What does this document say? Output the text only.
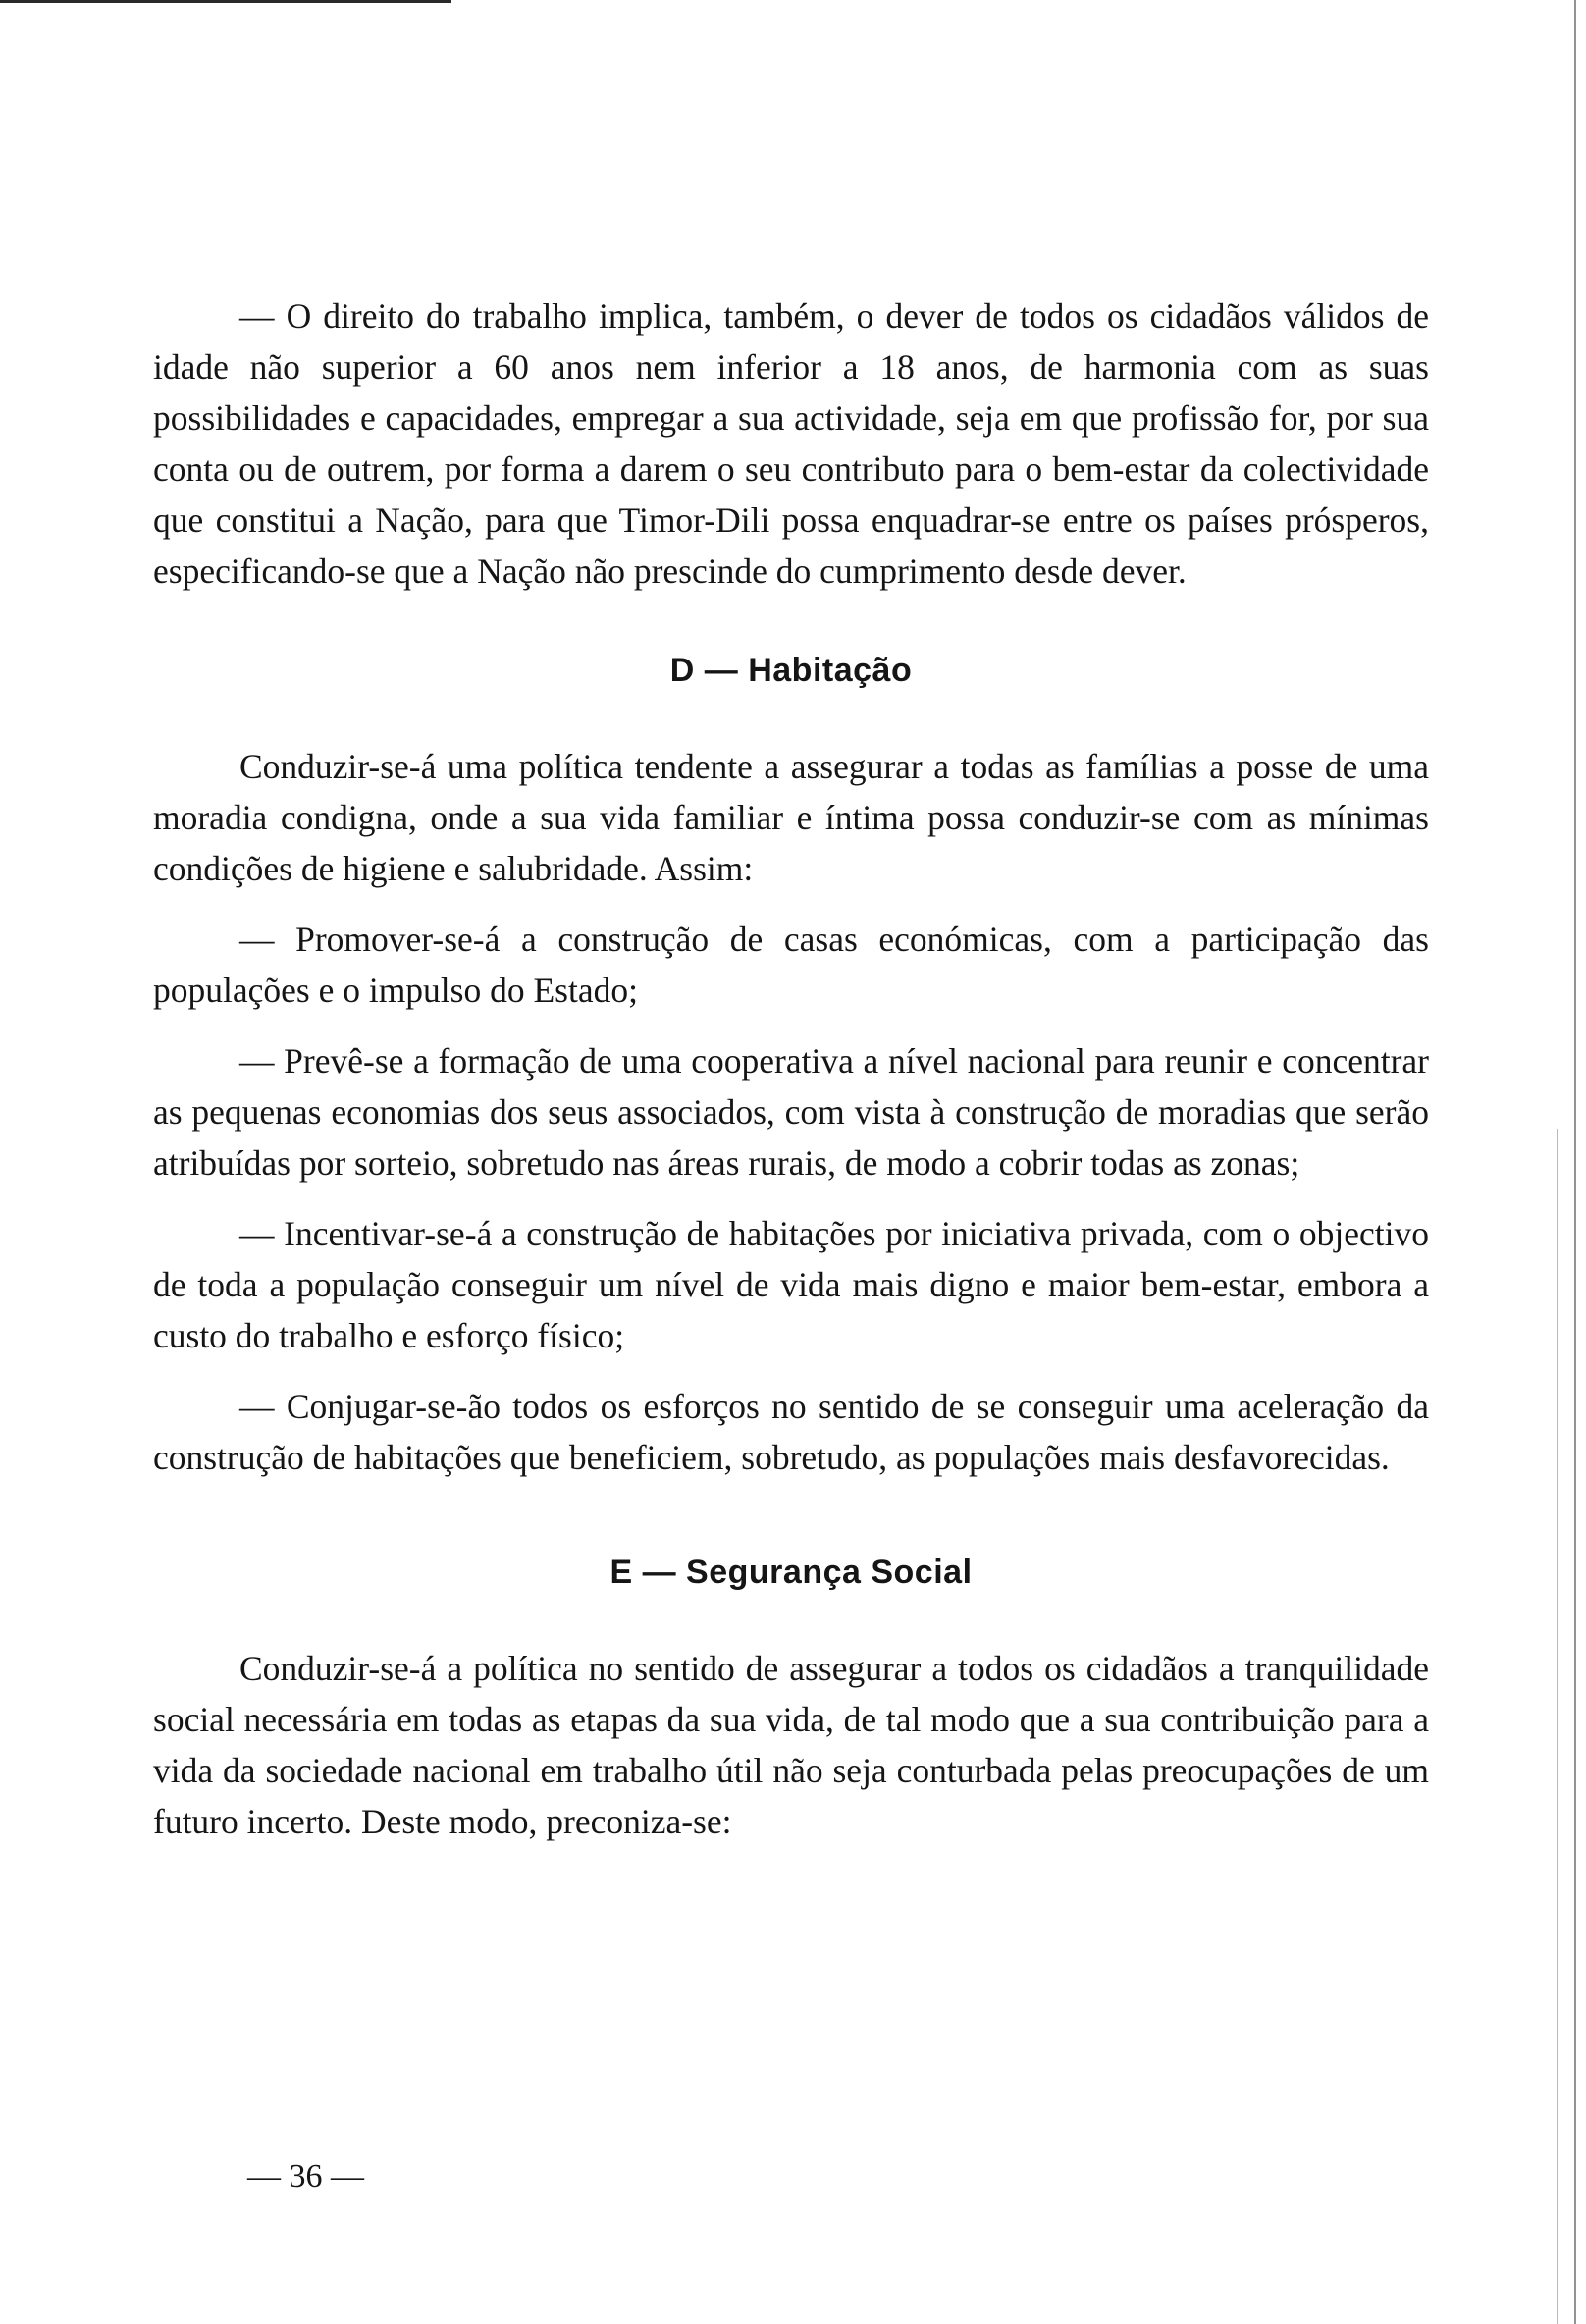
— O direito do trabalho implica, também, o dever de todos os cidadãos válidos de idade não superior a 60 anos nem inferior a 18 anos, de harmonia com as suas possibilidades e capacidades, empregar a sua actividade, seja em que profissão for, por sua conta ou de outrem, por forma a darem o seu contributo para o bem-estar da colectividade que constitui a Nação, para que Timor-Dili possa enquadrar-se entre os países prósperos, especificando-se que a Nação não prescinde do cumprimento desde dever.

D — Habitação

Conduzir-se-á uma política tendente a assegurar a todas as famílias a posse de uma moradia condigna, onde a sua vida familiar e íntima possa conduzir-se com as mínimas condições de higiene e salubridade. Assim:

— Promover-se-á a construção de casas económicas, com a participação das populações e o impulso do Estado;

— Prevê-se a formação de uma cooperativa a nível nacional para reunir e concentrar as pequenas economias dos seus associados, com vista à construção de moradias que serão atribuídas por sorteio, sobretudo nas áreas rurais, de modo a cobrir todas as zonas;

— Incentivar-se-á a construção de habitações por iniciativa privada, com o objectivo de toda a população conseguir um nível de vida mais digno e maior bem-estar, embora a custo do trabalho e esforço físico;

— Conjugar-se-ão todos os esforços no sentido de se conseguir uma aceleração da construção de habitações que beneficiem, sobretudo, as populações mais desfavorecidas.

E — Segurança Social

Conduzir-se-á a política no sentido de assegurar a todos os cidadãos a tranquilidade social necessária em todas as etapas da sua vida, de tal modo que a sua contribuição para a vida da sociedade nacional em trabalho útil não seja conturbada pelas preocupações de um futuro incerto. Deste modo, preconiza-se:

— 36 —
